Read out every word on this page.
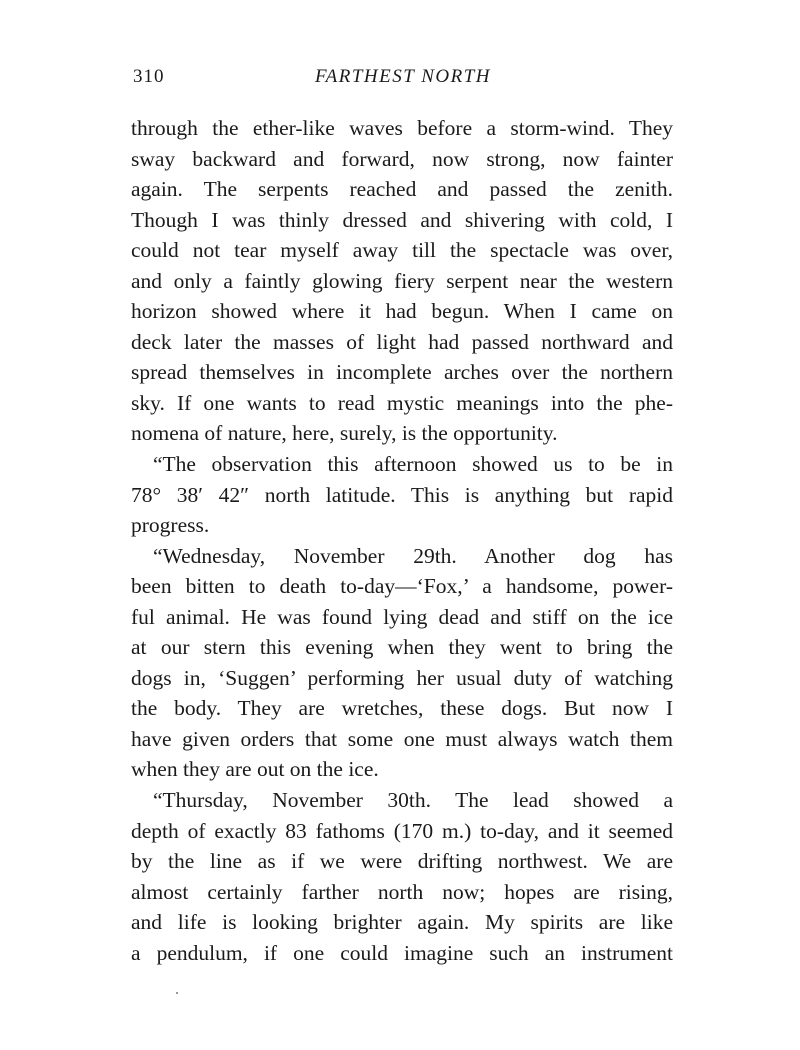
310	FARTHEST NORTH
through the ether-like waves before a storm-wind. They
sway backward and forward, now strong, now fainter
again. The serpents reached and passed the zenith.
Though I was thinly dressed and shivering with cold, I
could not tear myself away till the spectacle was over,
and only a faintly glowing fiery serpent near the western
horizon showed where it had begun. When I came on
deck later the masses of light had passed northward and
spread themselves in incomplete arches over the northern
sky. If one wants to read mystic meanings into the phe-
nomena of nature, here, surely, is the opportunity.
“The observation this afternoon showed us to be in
78° 38′ 42″ north latitude. This is anything but rapid
progress.
“Wednesday, November 29th. Another dog has
been bitten to death to-day—‘Fox,’ a handsome, power-
ful animal. He was found lying dead and stiff on the ice
at our stern this evening when they went to bring the
dogs in, ‘Suggen’ performing her usual duty of watching
the body. They are wretches, these dogs. But now I
have given orders that some one must always watch them
when they are out on the ice.
“Thursday, November 30th. The lead showed a
depth of exactly 83 fathoms (170 m.) to-day, and it seemed
by the line as if we were drifting northwest. We are
almost certainly farther north now; hopes are rising,
and life is looking brighter again. My spirits are like
a pendulum, if one could imagine such an instrument
